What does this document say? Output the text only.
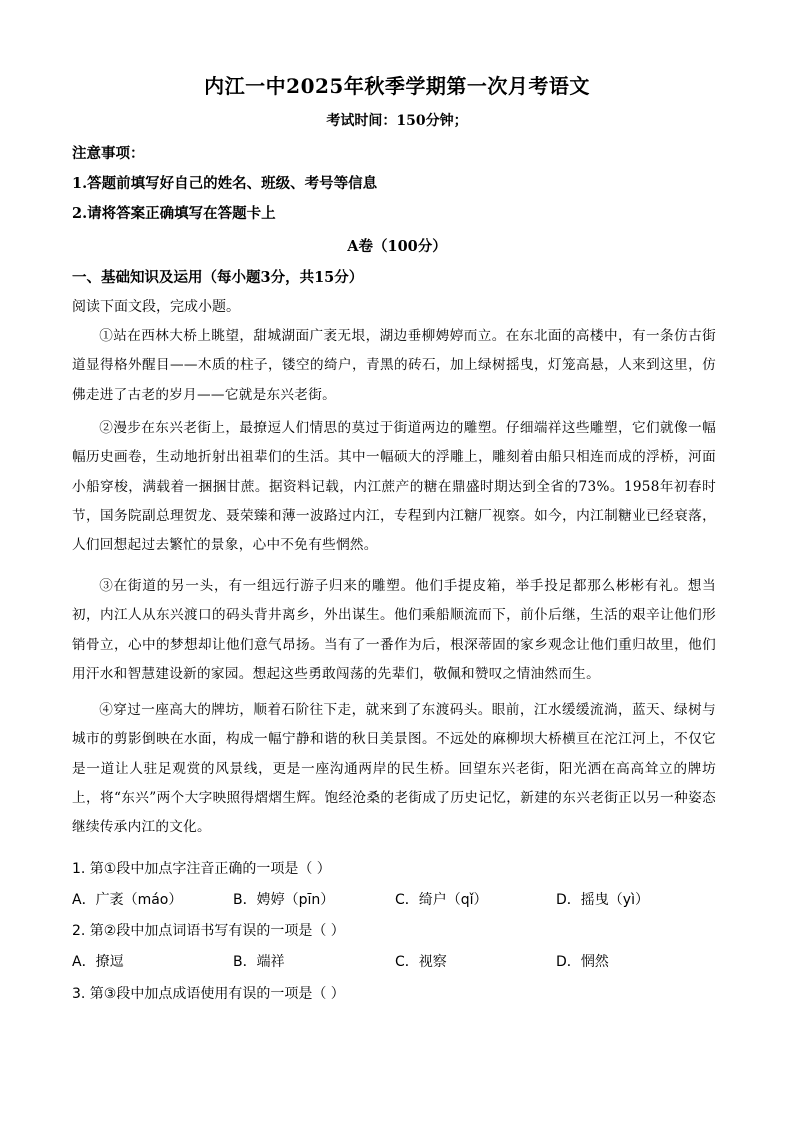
内江一中2025年秋季学期第一次月考语文
考试时间：150分钟；
注意事项：
1.答题前填写好自己的姓名、班级、考号等信息
2.请将答案正确填写在答题卡上
A卷（100分）
一、基础知识及运用（每小题3分，共15分）
阅读下面文段，完成小题。

①站在西林大桥上眺望，甜城湖面广袤无垠，湖边垂柳娉婷而立。在东北面的高楼中，有一条仿古街道显得格外醒目——木质的柱子，镂空的绮户，青黑的砖石，加上绿树摇曳，灯笼高悬，人来到这里，仿佛走进了古老的岁月——它就是东兴老街。

②漫步在东兴老街上，最撩逗人们情思的莫过于街道两边的雕塑。仔细端祥这些雕塑，它们就像一幅幅历史画卷，生动地折射出祖辈们的生活。其中一幅硕大的浮雕上，雕刻着由船只相连而成的浮桥，河面小船穿梭，满载着一捆捆甘蔗。据资料记载，内江蔗产的糖在鼎盛时期达到全省的73%。1958年初春时节，国务院副总理贺龙、聂荣臻和薄一波路过内江，专程到内江糖厂视察。如今，内江制糖业已经衰落，人们回想起过去繁忙的景象，心中不免有些惘然。

③在街道的另一头，有一组远行游子归来的雕塑。他们手提皮箱，举手投足都那么彬彬有礼。想当初，内江人从东兴渡口的码头背井离乡，外出谋生。他们乘船顺流而下，前仆后继，生活的艰辛让他们形销骨立，心中的梦想却让他们意气昂扬。当有了一番作为后，根深蒂固的家乡观念让他们重归故里，他们用汗水和智慧建设新的家园。想起这些勇敢闯荡的先辈们，敬佩和赞叹之情油然而生。

④穿过一座高大的牌坊，顺着石阶往下走，就来到了东渡码头。眼前，江水缓缓流淌，蓝天、绿树与城市的剪影倒映在水面，构成一幅宁静和谐的秋日美景图。不远处的麻柳坝大桥横亘在沱江河上，不仅它是一道让人驻足观赏的风景线，更是一座沟通两岸的民生桥。回望东兴老街，阳光洒在高高耸立的牌坊上，将“东兴”两个大字映照得熠熠生辉。饱经沧桑的老街成了历史记忆，新建的东兴老街正以另一种姿态继续传承内江的文化。

1. 第①段中加点字注音正确的一项是（ ）
A．广袤（máo）	B．娉婷（pīn）	C．绮户（qǐ）	D．摇曳（yì）
2. 第②段中加点词语书写有误的一项是（ ）
A．撩逗	B．端祥	C．视察	D．惘然
3. 第③段中加点成语使用有误的一项是（ ）
